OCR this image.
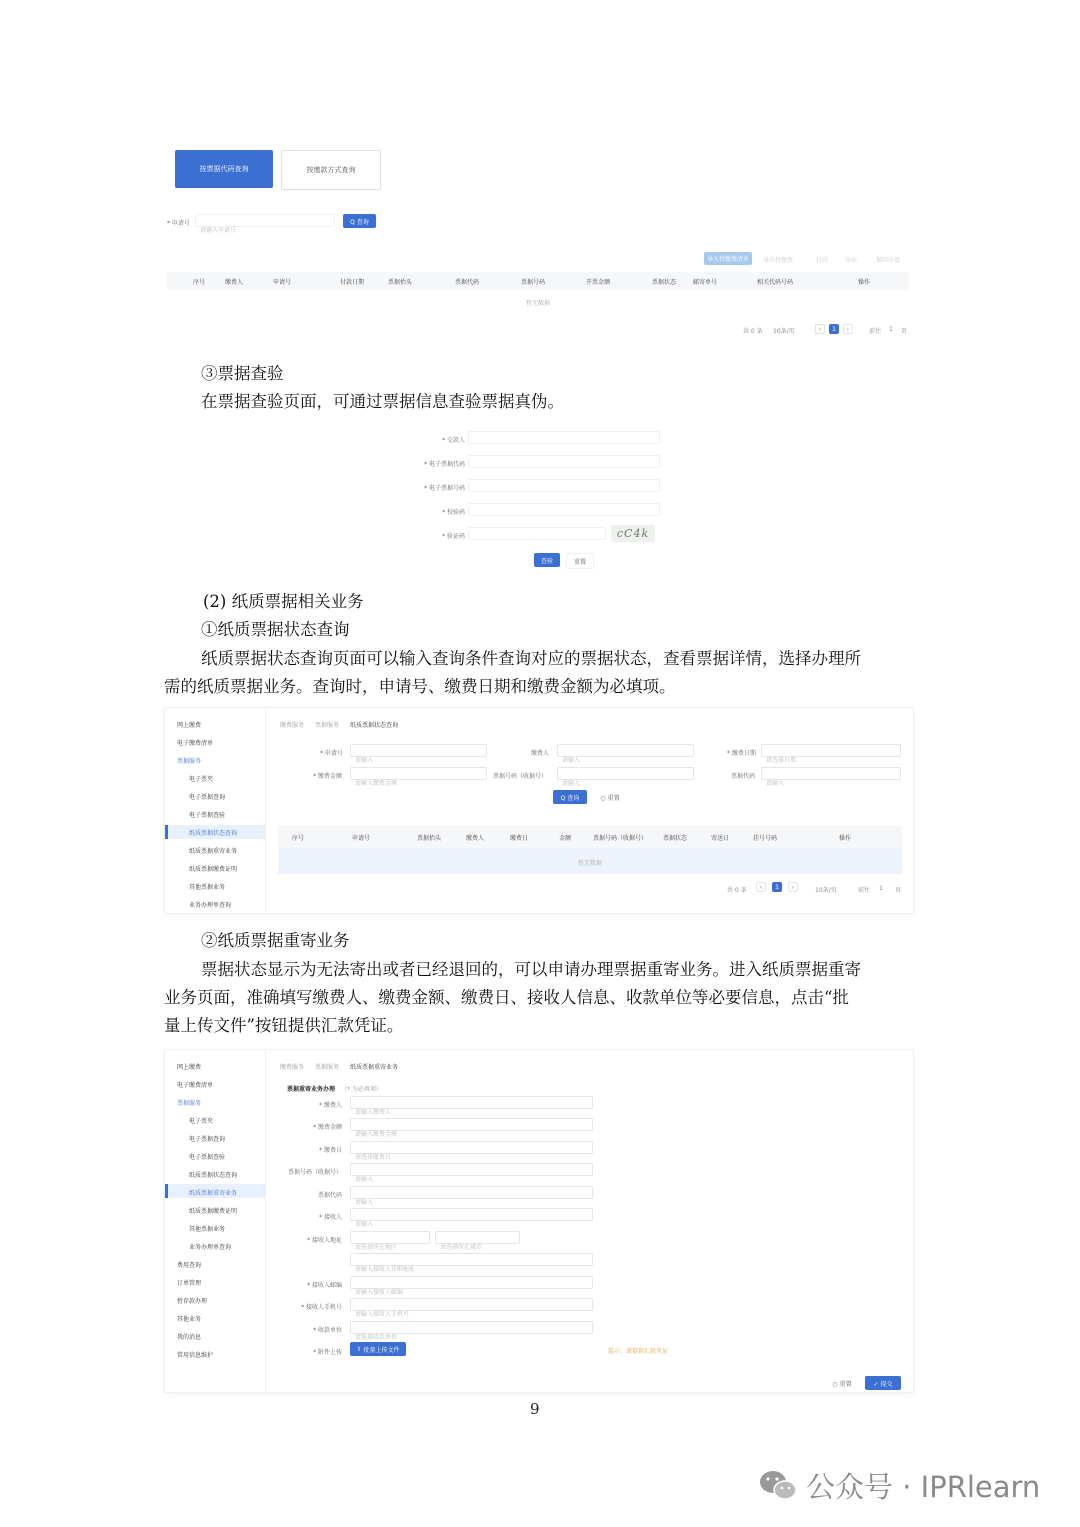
按票据代码查询	按缴款方式查询
* 申请号
请输入申请号
Q 查询
导入待缴费清单	导出待缴费	打印	导出	撤回申请
序号	缴费人	申请号	付款日期	票据抬头	票据代码	票据号码	开票金额	票据状态	邮寄单号	相关代码号码	操作
暂无数据
共 0 条 10条/页	‹	1	›	前往 1 页
③票据查验
在票据查验页面，可通过票据信息查验票据真伪。
* 交款人
* 电子票据代码
* 电子票据号码
* 校验码
* 验证码	cC4k
查验	重置
(2) 纸质票据相关业务
①纸质票据状态查询
纸质票据状态查询页面可以输入查询条件查询对应的票据状态，查看票据详情，选择办理所
需的纸质票据业务。查询时，申请号、缴费日期和缴费金额为必填项。
网上缴费
电子缴费清单
票据服务
电子票夹
电子票据查询
电子票据查验
纸质票据状态查询
纸质票据重寄业务
纸质票据缴费证明
其他票据业务
业务办理单查询
缴费服务 票据服务 纸质票据状态查询
* 申请号
请输入
缴费人
请输入
* 缴费日期
请选择日期
* 缴费金额
请输入缴费金额
票据号码（收据号）
请输入
票据代码
请输入
Q 查询	○ 重置
序号	申请号	票据抬头	缴费人	缴费日	金额	票据号码（收据号）	票据状态	寄送日	挂号号码	操作
暂无数据
共 0 条	‹	1	›	10条/页	前往 1 页
②纸质票据重寄业务
票据状态显示为无法寄出或者已经退回的，可以申请办理票据重寄业务。进入纸质票据重寄
业务页面，准确填写缴费人、缴费金额、缴费日、接收人信息、收款单位等必要信息，点击“批
量上传文件”按钮提供汇款凭证。
网上缴费
电子缴费清单
票据服务
电子票夹
电子票据查询
电子票据查验
纸质票据状态查询
纸质票据重寄业务
纸质票据缴费证明
其他票据业务
业务办理单查询
费用查询
订单管理
暂存款办理
其他业务
我的消息
常用信息维护
缴费服务 票据服务 纸质票据重寄业务
票据重寄业务办理 （* 为必填项）
* 缴费人
请输入缴费人
* 缴费金额
请输入缴费金额
* 缴费日
请选择缴费日
票据号码（收据号）
请输入
票据代码
请输入
* 接收人
请输入
* 接收人地址
请选择所在地区	请选择所在城市
请输入接收人详细地址
* 接收人邮编
请输入接收人邮编
* 接收人手机号
请输入接收人手机号
* 收款单位
请选择收款单位
* 附件上传 ⇧ 批量上传文件	提示：请提供汇款凭证
○ 重置	✓ 提交
9
公众号 · IPRlearn
